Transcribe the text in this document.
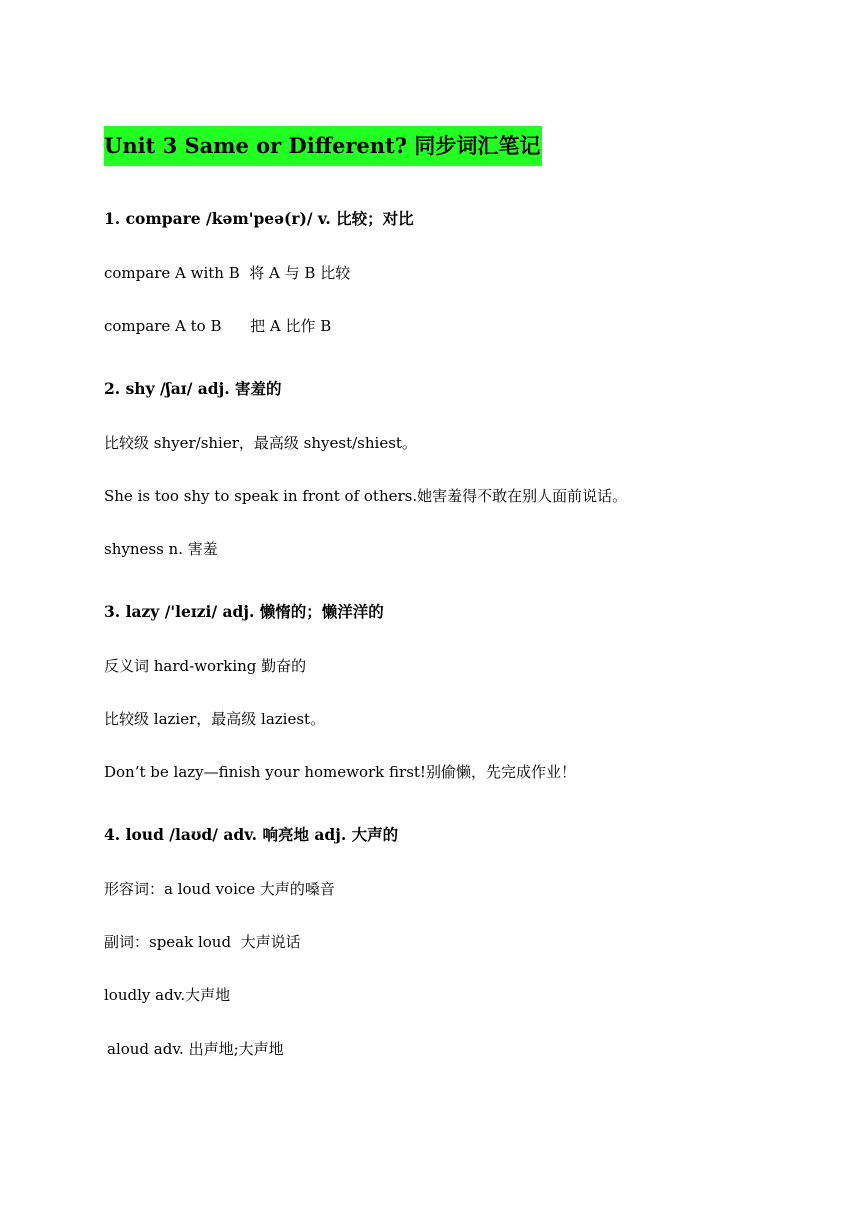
Unit 3 Same or Different? 同步词汇笔记
1. compare /kəm'peə(r)/ v. 比较；对比
compare A with B  将 A 与 B 比较
compare A to B      把 A 比作 B
2. shy /ʃaɪ/ adj. 害羞的
比较级 shyer/shier，最高级 shyest/shiest。
She is too shy to speak in front of others.她害羞得不敢在别人面前说话。
shyness n. 害羞
3. lazy /'leɪzi/ adj. 懒惰的；懒洋洋的
反义词 hard-working 勤奋的
比较级 lazier，最高级 laziest。
Don’t be lazy—finish your homework first!别偷懒，先完成作业！
4. loud /laʊd/ adv. 响亮地 adj. 大声的
形容词：a loud voice 大声的嗓音
副词：speak loud  大声说话
loudly adv.大声地
aloud adv. 出声地;大声地
